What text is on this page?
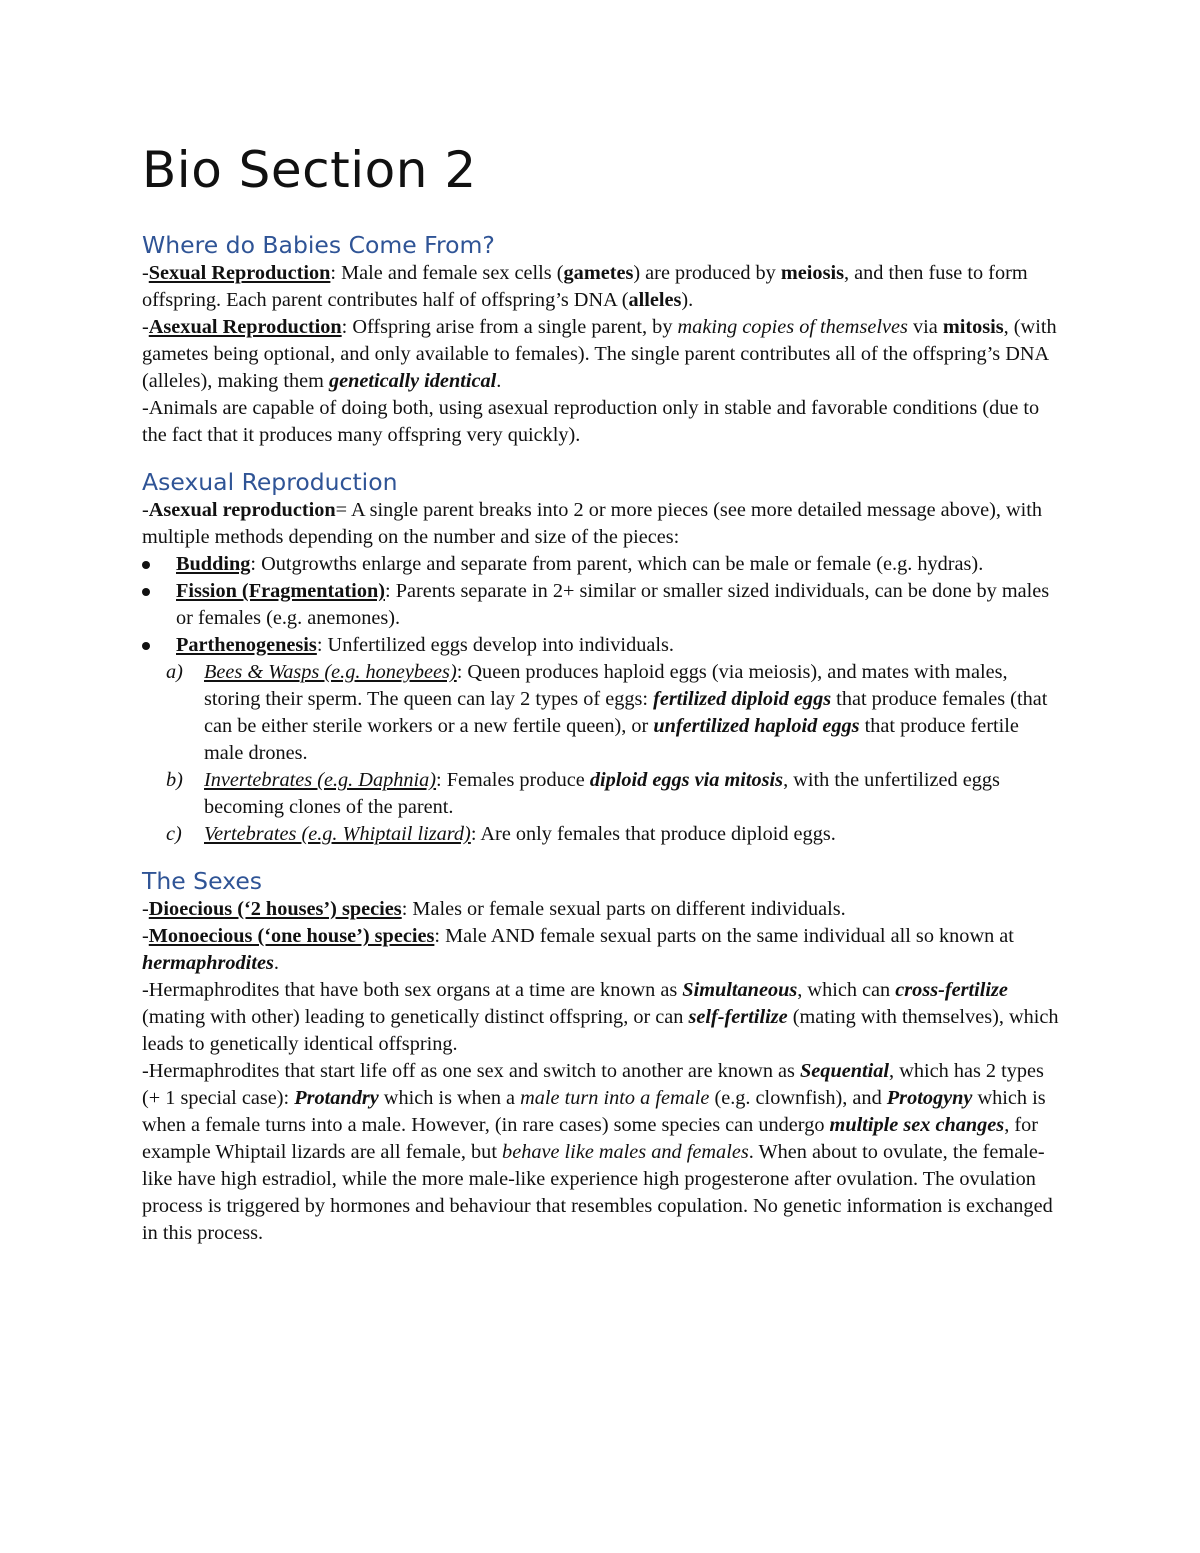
Bio Section 2
Where do Babies Come From?

-Sexual Reproduction: Male and female sex cells (gametes) are produced by meiosis, and then fuse to form offspring. Each parent contributes half of offspring’s DNA (alleles).

-Asexual Reproduction: Offspring arise from a single parent, by making copies of themselves via mitosis, (with gametes being optional, and only available to females). The single parent contributes all of the offspring’s DNA (alleles), making them genetically identical.

-Animals are capable of doing both, using asexual reproduction only in stable and favorable conditions (due to the fact that it produces many offspring very quickly).

Asexual Reproduction

-Asexual reproduction= A single parent breaks into 2 or more pieces (see more detailed message above), with multiple methods depending on the number and size of the pieces:

Budding: Outgrowths enlarge and separate from parent, which can be male or female (e.g. hydras).
Fission (Fragmentation): Parents separate in 2+ similar or smaller sized individuals, can be done by males or females (e.g. anemones).
Parthenogenesis: Unfertilized eggs develop into individuals.
a) Bees & Wasps (e.g. honeybees): Queen produces haploid eggs (via meiosis), and mates with males, storing their sperm. The queen can lay 2 types of eggs: fertilized diploid eggs that produce females (that can be either sterile workers or a new fertile queen), or unfertilized haploid eggs that produce fertile male drones.
b) Invertebrates (e.g. Daphnia): Females produce diploid eggs via mitosis, with the unfertilized eggs becoming clones of the parent.
c) Vertebrates (e.g. Whiptail lizard): Are only females that produce diploid eggs.
The Sexes

-Dioecious (‘2 houses’) species: Males or female sexual parts on different individuals.

-Monoecious (‘one house’) species: Male AND female sexual parts on the same individual all so known at hermaphrodites.

-Hermaphrodites that have both sex organs at a time are known as Simultaneous, which can cross-fertilize (mating with other) leading to genetically distinct offspring, or can self-fertilize (mating with themselves), which leads to genetically identical offspring.

-Hermaphrodites that start life off as one sex and switch to another are known as Sequential, which has 2 types (+ 1 special case): Protandry which is when a male turn into a female (e.g. clownfish), and Protogyny which is when a female turns into a male. However, (in rare cases) some species can undergo multiple sex changes, for example Whiptail lizards are all female, but behave like males and females. When about to ovulate, the female-like have high estradiol, while the more male-like experience high progesterone after ovulation. The ovulation process is triggered by hormones and behaviour that resembles copulation. No genetic information is exchanged in this process.
